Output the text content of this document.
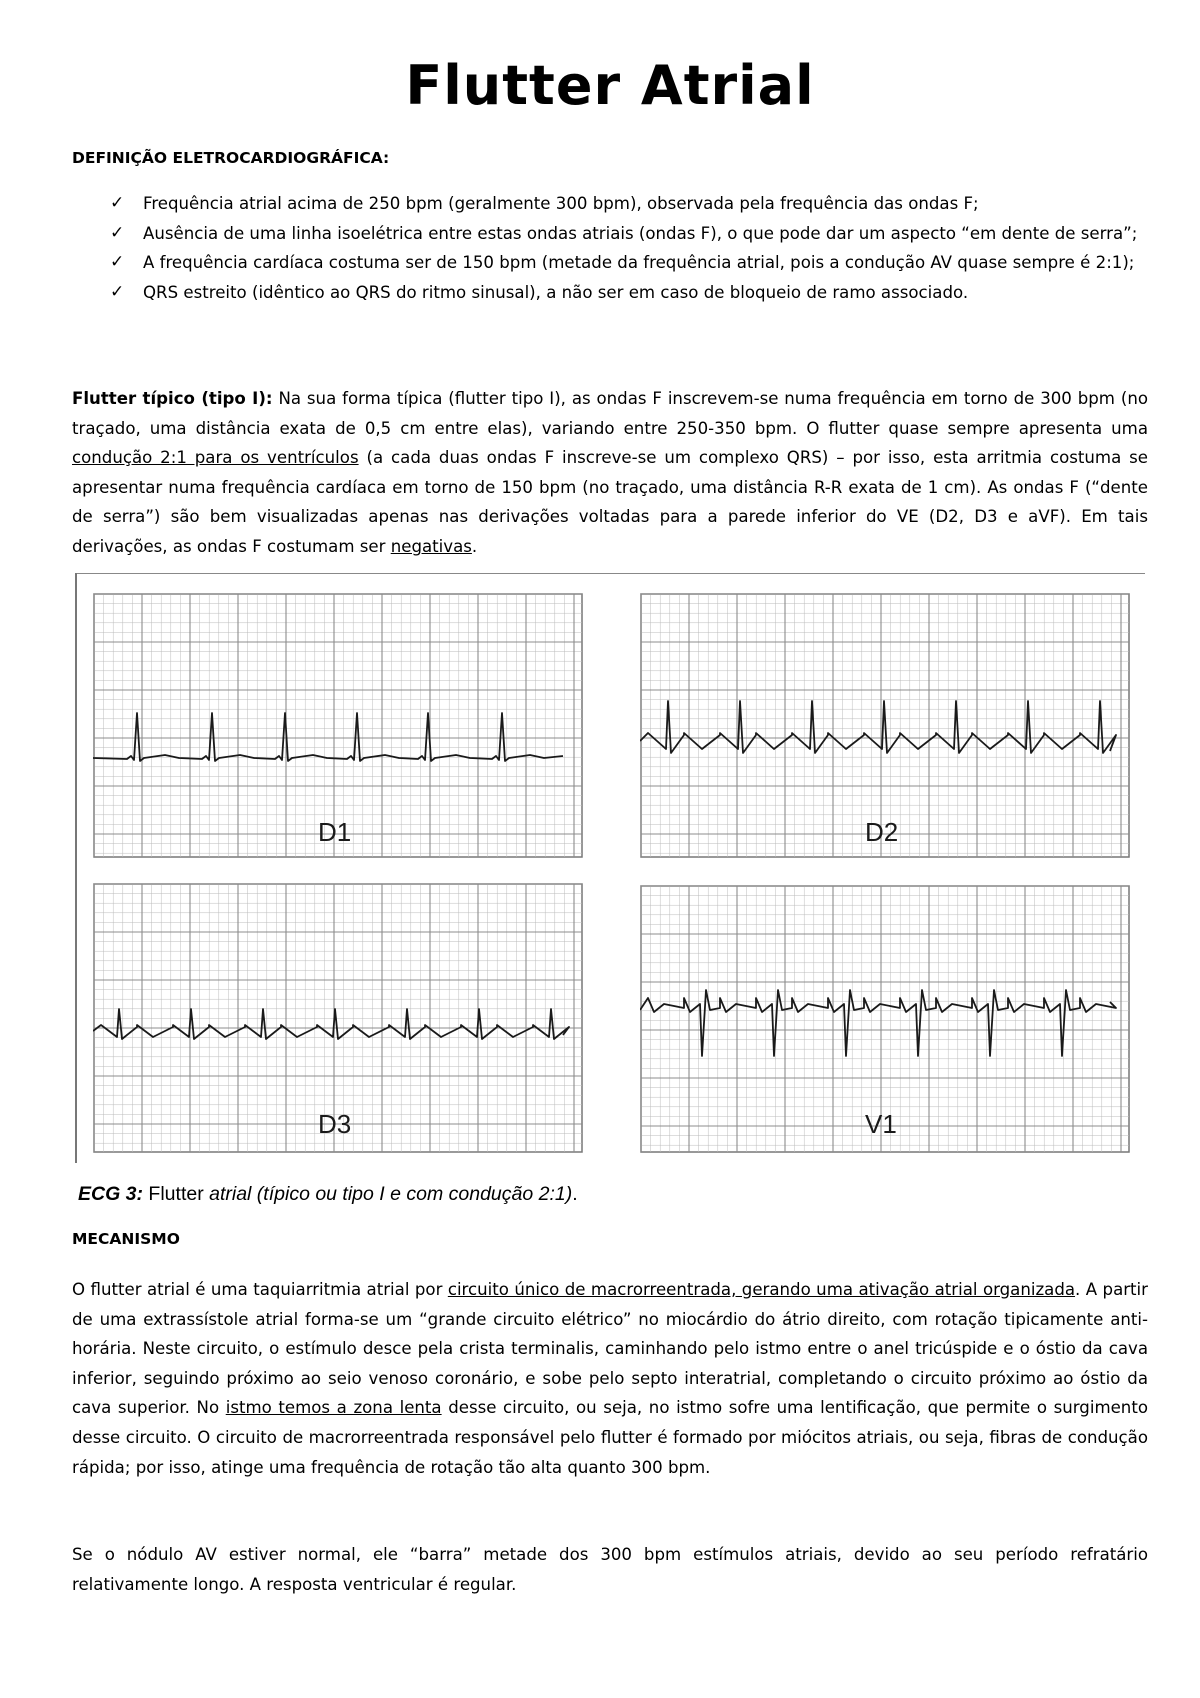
Flutter Atrial
DEFINIÇÃO ELETROCARDIOGRÁFICA:
✓ Frequência atrial acima de 250 bpm (geralmente 300 bpm), observada pela frequência das ondas F;
✓ Ausência de uma linha isoelétrica entre estas ondas atriais (ondas F), o que pode dar um aspecto “em dente de serra”;
✓ A frequência cardíaca costuma ser de 150 bpm (metade da frequência atrial, pois a condução AV quase sempre é 2:1);
✓ QRS estreito (idêntico ao QRS do ritmo sinusal), a não ser em caso de bloqueio de ramo associado.

Flutter típico (tipo I): Na sua forma típica (flutter tipo I), as ondas F inscrevem-se numa frequência em torno de 300 bpm (no traçado, uma distância exata de 0,5 cm entre elas), variando entre 250-350 bpm. O flutter quase sempre apresenta uma condução 2:1 para os ventrículos (a cada duas ondas F inscreve-se um complexo QRS) – por isso, esta arritmia costuma se apresentar numa frequência cardíaca em torno de 150 bpm (no traçado, uma distância R-R exata de 1 cm). As ondas F (“dente de serra”) são bem visualizadas apenas nas derivações voltadas para a parede inferior do VE (D2, D3 e aVF). Em tais derivações, as ondas F costumam ser negativas.

MECANISMO

O flutter atrial é uma taquiarritmia atrial por circuito único de macrorreentrada, gerando uma ativação atrial organizada. A partir de uma extrassístole atrial forma-se um “grande circuito elétrico” no miocárdio do átrio direito, com rotação tipicamente anti-horária. Neste circuito, o estímulo desce pela crista terminalis, caminhando pelo istmo entre o anel tricúspide e o óstio da cava inferior, seguindo próximo ao seio venoso coronário, e sobe pelo septo interatrial, completando o circuito próximo ao óstio da cava superior. No istmo temos a zona lenta desse circuito, ou seja, no istmo sofre uma lentificação, que permite o surgimento desse circuito. O circuito de macrorreentrada responsável pelo flutter é formado por miócitos atriais, ou seja, fibras de condução rápida; por isso, atinge uma frequência de rotação tão alta quanto 300 bpm.

Se o nódulo AV estiver normal, ele “barra” metade dos 300 bpm estímulos atriais, devido ao seu período refratário relativamente longo. A resposta ventricular é regular.

D1	D2
D3	V1
ECG 3: Flutter atrial (típico ou tipo I e com condução 2:1).
